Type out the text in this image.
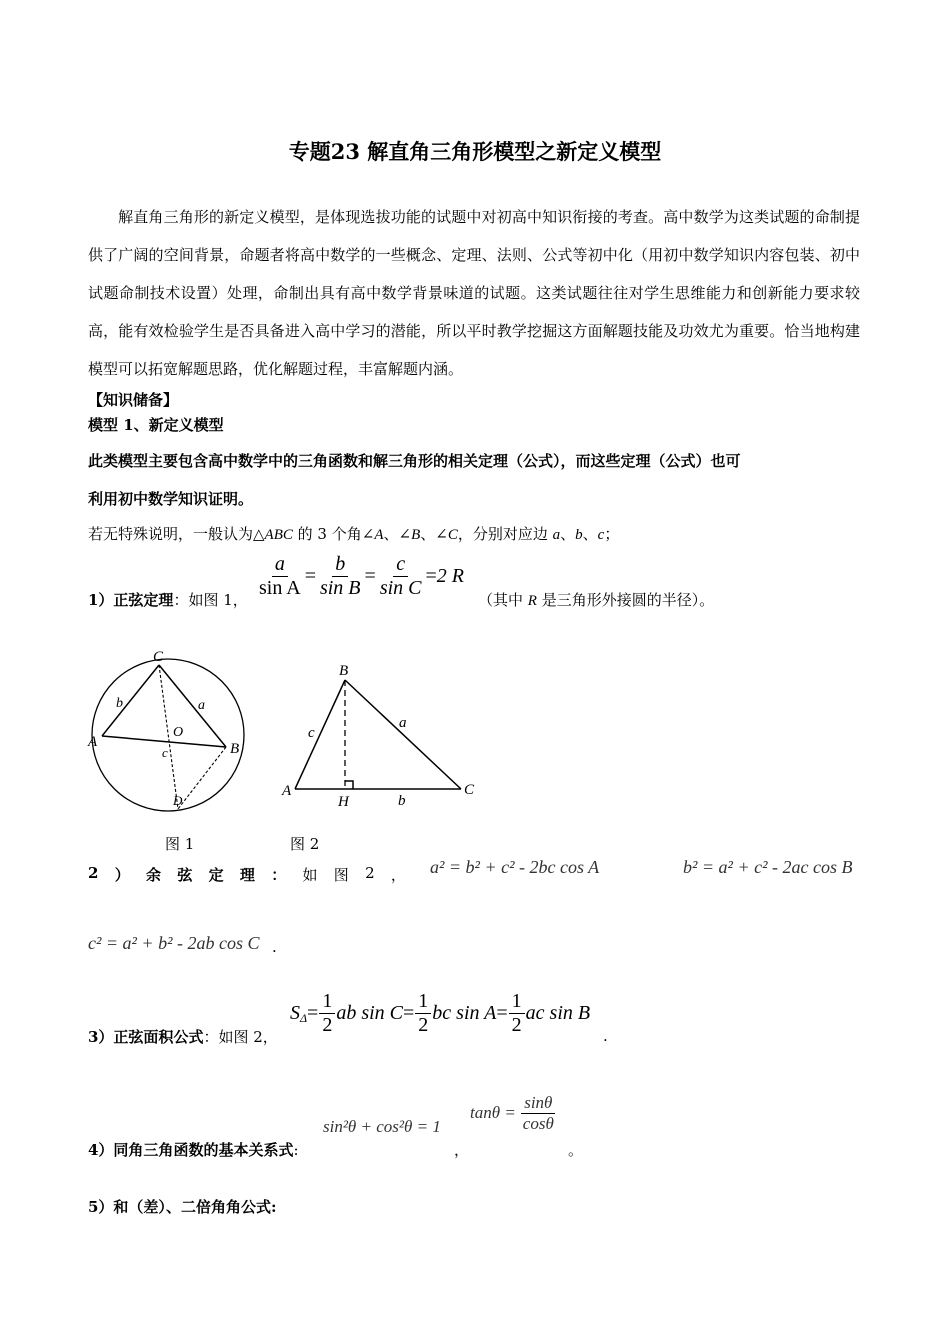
专题23 解直角三角形模型之新定义模型
解直角三角形的新定义模型，是体现选拔功能的试题中对初高中知识衔接的考查。高中数学为这类试题的命制提供了广阔的空间背景，命题者将高中数学的一些概念、定理、法则、公式等初中化（用初中数学知识内容包装、初中试题命制技术设置）处理，命制出具有高中数学背景味道的试题。这类试题往往对学生思维能力和创新能力要求较高，能有效检验学生是否具备进入高中学习的潜能，所以平时教学挖掘这方面解题技能及功效尤为重要。恰当地构建模型可以拓宽解题思路，优化解题过程，丰富解题内涵。
【知识储备】
模型 1、新定义模型
此类模型主要包含高中数学中的三角函数和解三角形的相关定理（公式），而这些定理（公式）也可
利用初中数学知识证明。
若无特殊说明，一般认为△ABC 的 3 个角∠A、∠B、∠C，分别对应边 a、b、c；
1）正弦定理：如图 1， $\frac{a}{\text{sin A}} = \frac{b}{\text{sin B}} = \frac{c}{\text{sin C}} = 2$ R
（其中 R 是三角形外接圆的半径）。
C
A	B
D
O
a
b
c
B
A	C
H
a
c
b
图 1	图 2
2 ） 余 弦 定 理 ： 如 图 2 ， a² = b² + c² - 2bc cos A	b² = a² + c² - 2ac cos B
c² = a² + b² - 2ab cos C .
3）正弦面积公式：如图 2，
S $\Delta = \frac{1}{2}$ ab $\sin C = \frac{1}{2}$ bc $\sin A = \frac{1}{2}$ ac sin B
.
4）同角三角函数的基本关系式:
sin²θ + cos²θ = 1
，
$\tan\theta = \frac{\sin\theta}{\cos\theta}$
。
5）和（差）、二倍角角公式:
